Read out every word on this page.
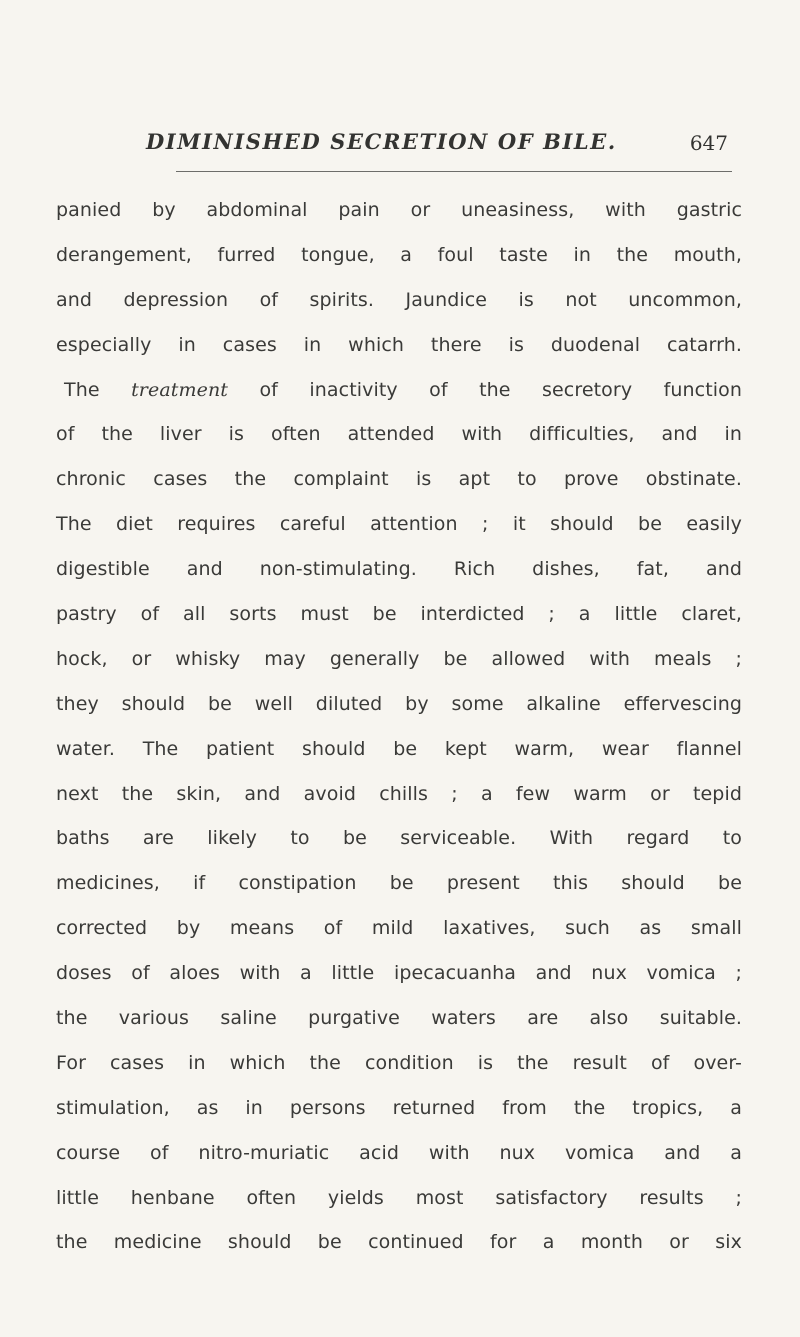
DIMINISHED SECRETION OF BILE.	647
panied by abdominal pain or uneasiness, with gastric
derangement, furred tongue, a foul taste in the mouth,
and depression of spirits. Jaundice is not uncommon,
especially in cases in which there is duodenal catarrh.
The treatment of inactivity of the secretory function
of the liver is often attended with difficulties, and in
chronic cases the complaint is apt to prove obstinate.
The diet requires careful attention ; it should be easily
digestible and non-stimulating. Rich dishes, fat, and
pastry of all sorts must be interdicted ; a little claret,
hock, or whisky may generally be allowed with meals ;
they should be well diluted by some alkaline effervescing
water. The patient should be kept warm, wear flannel
next the skin, and avoid chills ; a few warm or tepid
baths are likely to be serviceable. With regard to
medicines, if constipation be present this should be
corrected by means of mild laxatives, such as small
doses of aloes with a little ipecacuanha and nux vomica ;
the various saline purgative waters are also suitable.
For cases in which the condition is the result of over-
stimulation, as in persons returned from the tropics, a
course of nitro-muriatic acid with nux vomica and a
little henbane often yields most satisfactory results ;
the medicine should be continued for a month or six
